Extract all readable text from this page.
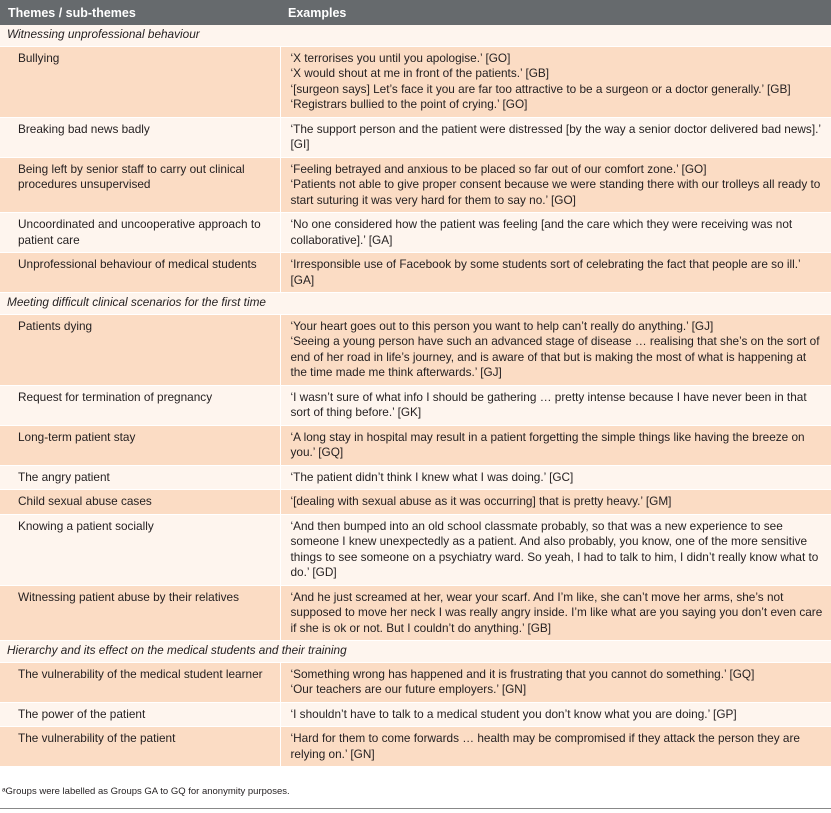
Themes / sub-themes	Examples
Witnessing unprofessional behaviour	
Bullying	‘X terrorises you until you apologise.’ [GO]
‘X would shout at me in front of the patients.’ [GB]
‘[surgeon says] Let’s face it you are far too attractive to be a surgeon or a doctor generally.’ [GB]
‘Registrars bullied to the point of crying.’ [GO]

Breaking bad news badly	‘The support person and the patient were distressed [by the way a senior doctor delivered bad news].’ [GI]

Being left by senior staff to carry out clinical procedures unsupervised	‘Feeling betrayed and anxious to be placed so far out of our comfort zone.’ [GO]
‘Patients not able to give proper consent because we were standing there with our trolleys all ready to start suturing it was very hard for them to say no.’ [GO]

Uncoordinated and uncooperative approach to patient care	‘No one considered how the patient was feeling [and the care which they were receiving was not collaborative].’ [GA]

Unprofessional behaviour of medical students	‘Irresponsible use of Facebook by some students sort of celebrating the fact that people are so ill.’ [GA]

Meeting difficult clinical scenarios for the first time	
Patients dying	‘Your heart goes out to this person you want to help can’t really do anything.’ [GJ]
‘Seeing a young person have such an advanced stage of disease … realising that she’s on the sort of end of her road in life’s journey, and is aware of that but is making the most of what is happening at the time made me think afterwards.’ [GJ]

Request for termination of pregnancy	‘I wasn’t sure of what info I should be gathering … pretty intense because I have never been in that sort of thing before.’ [GK]

Long-term patient stay	‘A long stay in hospital may result in a patient forgetting the simple things like having the breeze on you.’ [GQ]

The angry patient	‘The patient didn’t think I knew what I was doing.’ [GC]

Child sexual abuse cases	‘[dealing with sexual abuse as it was occurring] that is pretty heavy.’ [GM]

Knowing a patient socially	‘And then bumped into an old school classmate probably, so that was a new experience to see someone I knew unexpectedly as a patient. And also probably, you know, one of the more sensitive things to see someone on a psychiatry ward. So yeah, I had to talk to him, I didn’t really know what to do.’ [GD]

Witnessing patient abuse by their relatives	‘And he just screamed at her, wear your scarf. And I’m like, she can’t move her arms, she’s not supposed to move her neck I was really angry inside. I’m like what are you saying you don’t even care if she is ok or not. But I couldn’t do anything.’ [GB]

Hierarchy and its effect on the medical students and their training	
The vulnerability of the medical student learner	‘Something wrong has happened and it is frustrating that you cannot do something.’ [GQ]
‘Our teachers are our future employers.’ [GN]

The power of the patient	‘I shouldn’t have to talk to a medical student you don’t know what you are doing.’ [GP]

The vulnerability of the patient	‘Hard for them to come forwards … health may be compromised if they attack the person they are relying on.’ [GN]
ᵃGroups were labelled as Groups GA to GQ for anonymity purposes.
